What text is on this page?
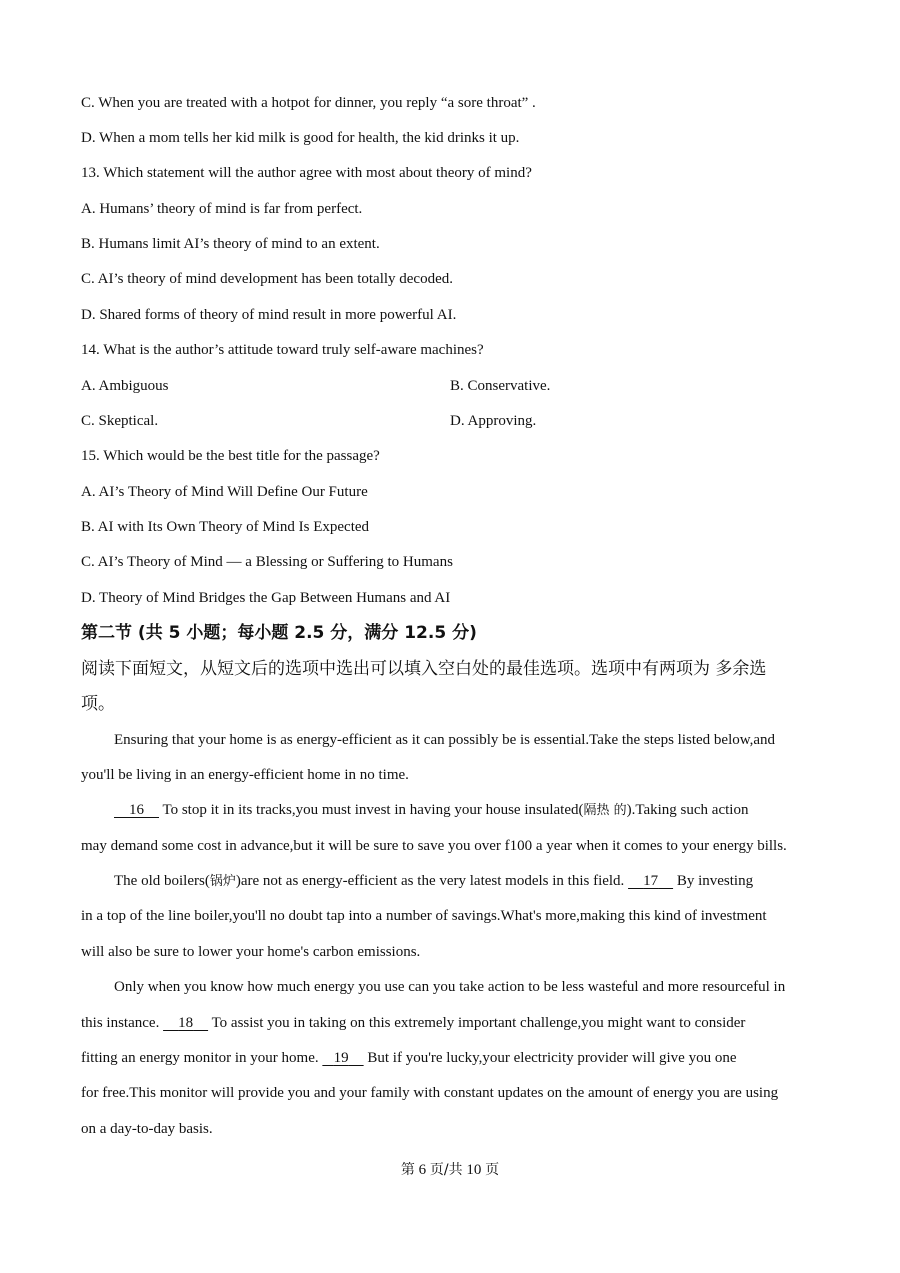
C. When you are treated with a hotpot for dinner, you reply “a sore throat” .
D. When a mom tells her kid milk is good for health, the kid drinks it up.
13. Which statement will the author agree with most about theory of mind?
A. Humans’ theory of mind is far from perfect.
B. Humans limit AI’s theory of mind to an extent.
C. AI’s theory of mind development has been totally decoded.
D. Shared forms of theory of mind result in more powerful AI.
14. What is the author’s attitude toward truly self-aware machines?
A. Ambiguous	B. Conservative.
C. Skeptical.	D. Approving.
15. Which would be the best title for the passage?
A. AI’s Theory of Mind Will Define Our Future
B. AI with Its Own Theory of Mind Is Expected
C. AI’s Theory of Mind — a Blessing or Suffering to Humans
D. Theory of Mind Bridges the Gap Between Humans and AI
第二节 (共 5 小题；每小题 2.5 分，满分 12.5 分)
阅读下面短文，从短文后的选项中选出可以填入空白处的最佳选项。选项中有两项为 多余选
项。
Ensuring that your home is as energy-efficient as it can possibly be is essential.Take the steps listed below,and
you'll be living in an energy-efficient home in no time.
16 To stop it in its tracks,you must invest in having your house insulated(隔热 的).Taking such action
may demand some cost in advance,but it will be sure to save you over f100 a year when it comes to your energy bills.
The old boilers(锅炉)are not as energy-efficient as the very latest models in this field. 17 By investing
in a top of the line boiler,you'll no doubt tap into a number of savings.What's more,making this kind of investment
will also be sure to lower your home's carbon emissions.
Only when you know how much energy you use can you take action to be less wasteful and more resourceful in
this instance. 18 To assist you in taking on this extremely important challenge,you might want to consider
fitting an energy monitor in your home. 19 But if you're lucky,your electricity provider will give you one
for free.This monitor will provide you and your family with constant updates on the amount of energy you are using
on a day-to-day basis.
第 6 页/共 10 页
